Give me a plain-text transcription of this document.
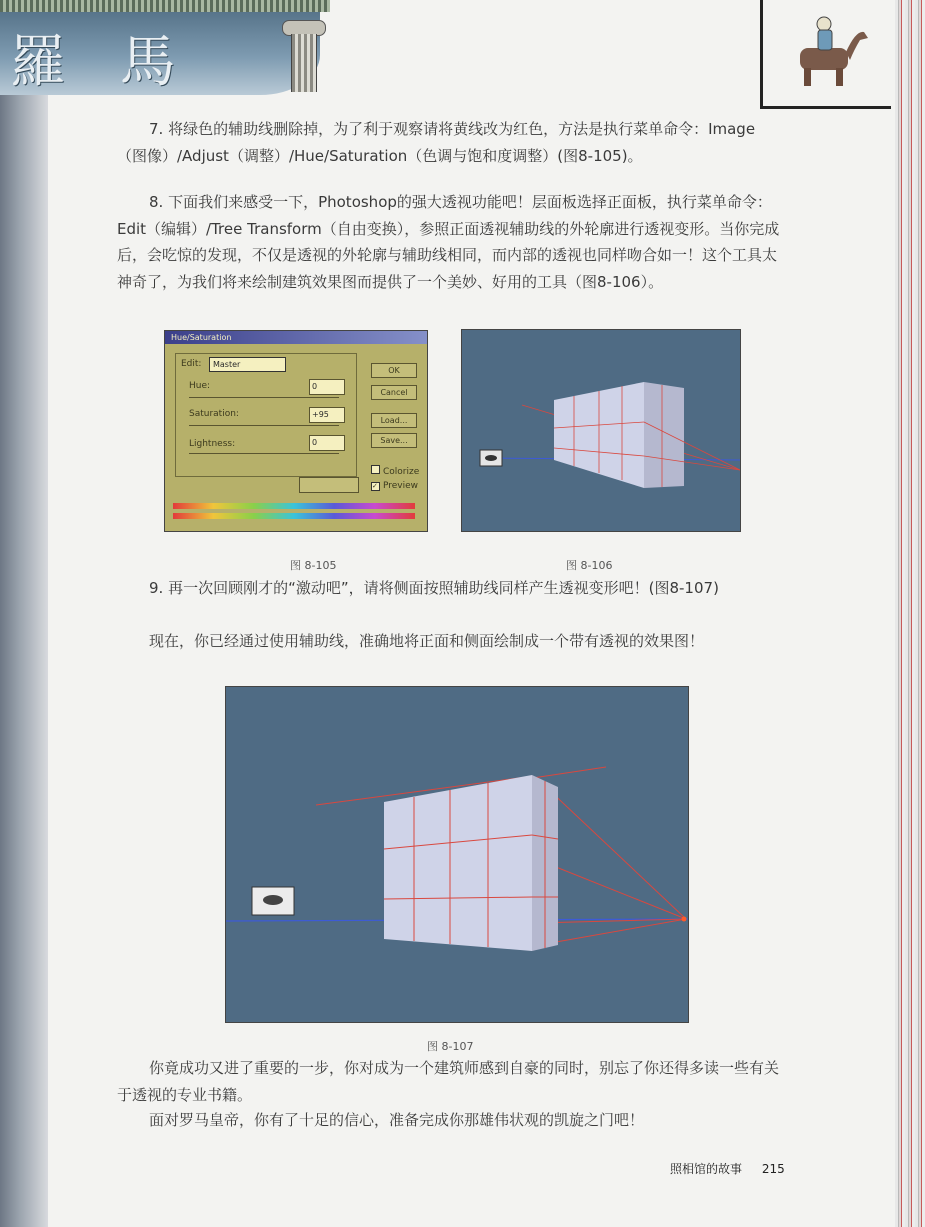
羅 馬

7. 将绿色的辅助线删除掉，为了利于观察请将黄线改为红色，方法是执行菜单命令：Image（图像）/Adjust（调整）/Hue/Saturation（色调与饱和度调整）(图8-105)。

8. 下面我们来感受一下，Photoshop的强大透视功能吧！层面板选择正面板，执行菜单命令：Edit（编辑）/Tree Transform（自由变换），参照正面透视辅助线的外轮廓进行透视变形。当你完成后，会吃惊的发现，不仅是透视的外轮廓与辅助线相同，而内部的透视也同样吻合如一！这个工具太神奇了，为我们将来绘制建筑效果图而提供了一个美妙、好用的工具（图8-106）。

Hue/Saturation
Edit:	Master
Hue:	0
Saturation:	+95
Lightness:	0
OK
Cancel
Load...
Save...
Colorize
✓ Preview
图 8-105	图 8-106

9. 再一次回顾刚才的“激动吧”，请将侧面按照辅助线同样产生透视变形吧！(图8-107)

现在，你已经通过使用辅助线，准确地将正面和侧面绘制成一个带有透视的效果图！

图 8-107

你竟成功又进了重要的一步，你对成为一个建筑师感到自豪的同时，别忘了你还得多读一些有关于透视的专业书籍。

面对罗马皇帝，你有了十足的信心，准备完成你那雄伟状观的凯旋之门吧！

照相馆的故事 215
